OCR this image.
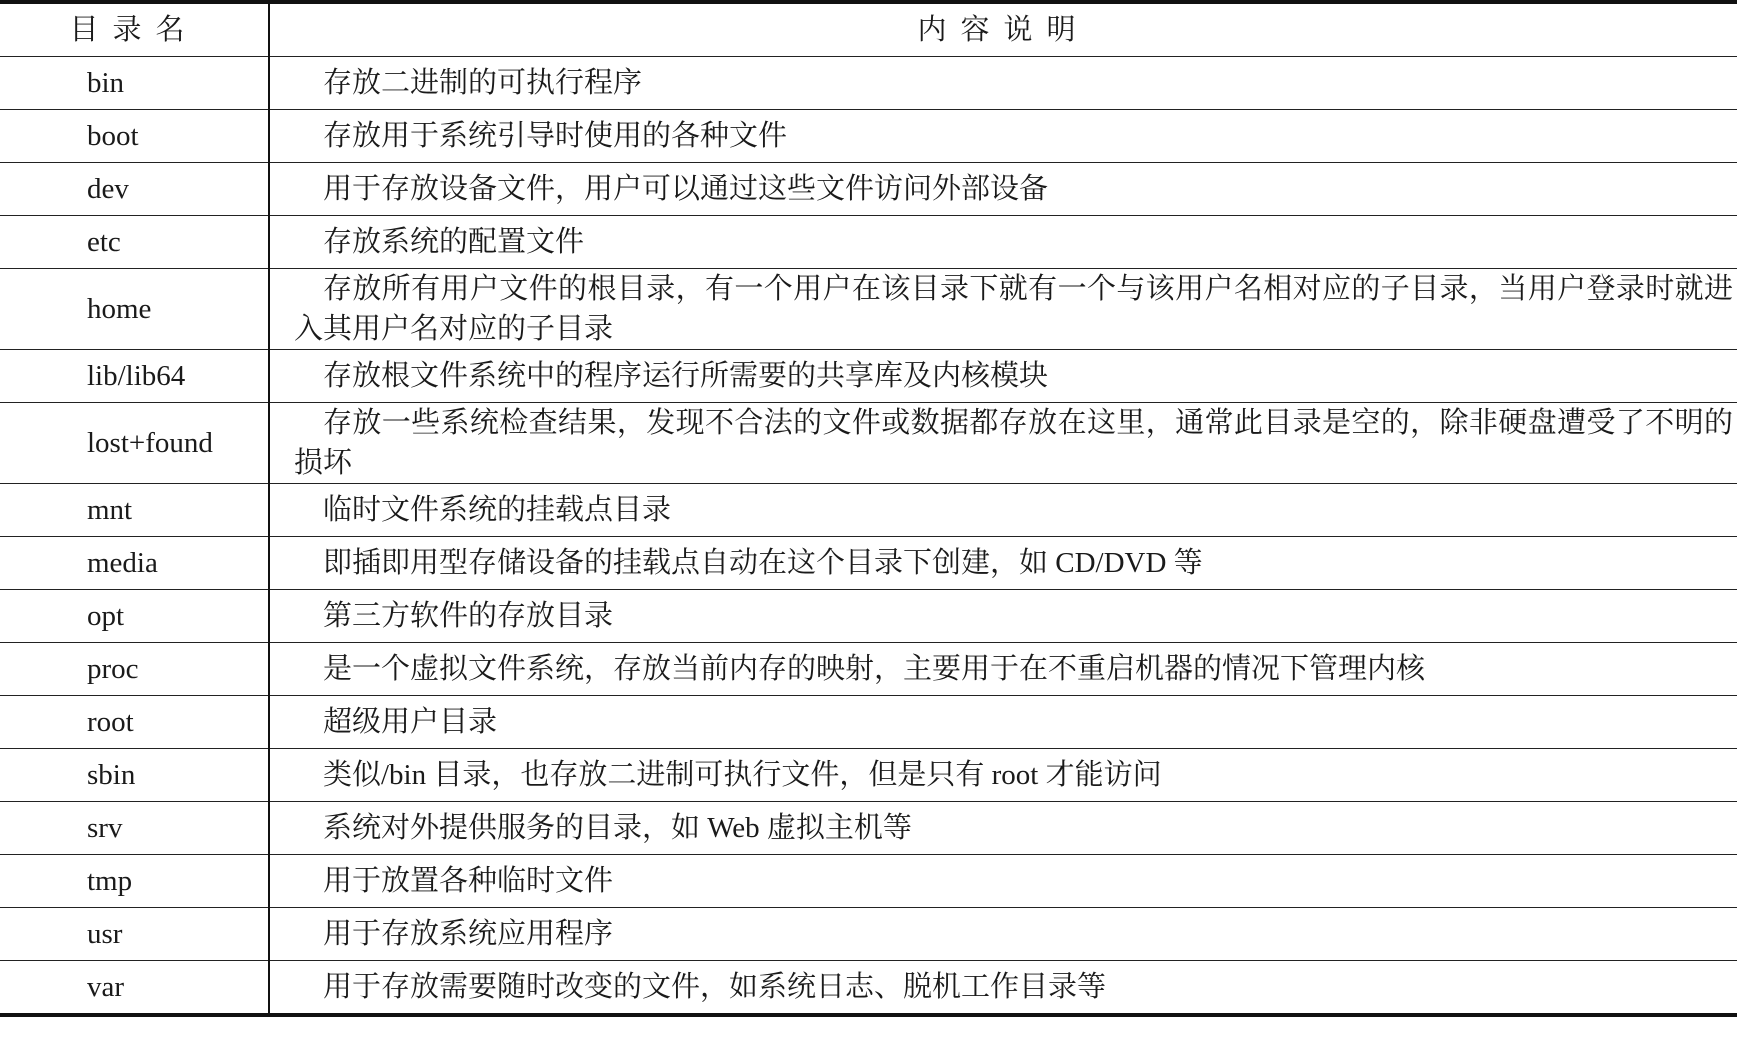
目录名	内容说明
bin	存放二进制的可执行程序
boot	存放用于系统引导时使用的各种文件
dev	用于存放设备文件，用户可以通过这些文件访问外部设备
etc	存放系统的配置文件
home	存放所有用户文件的根目录，有一个用户在该目录下就有一个与该用户名相对应的子目录，当用户登录时就进入其用户名对应的子目录
lib/lib64	存放根文件系统中的程序运行所需要的共享库及内核模块
lost+found	存放一些系统检查结果，发现不合法的文件或数据都存放在这里，通常此目录是空的，除非硬盘遭受了不明的损坏
mnt	临时文件系统的挂载点目录
media	即插即用型存储设备的挂载点自动在这个目录下创建，如 CD/DVD 等
opt	第三方软件的存放目录
proc	是一个虚拟文件系统，存放当前内存的映射，主要用于在不重启机器的情况下管理内核
root	超级用户目录
sbin	类似/bin 目录，也存放二进制可执行文件，但是只有 root 才能访问
srv	系统对外提供服务的目录，如 Web 虚拟主机等
tmp	用于放置各种临时文件
usr	用于存放系统应用程序
var	用于存放需要随时改变的文件，如系统日志、脱机工作目录等
